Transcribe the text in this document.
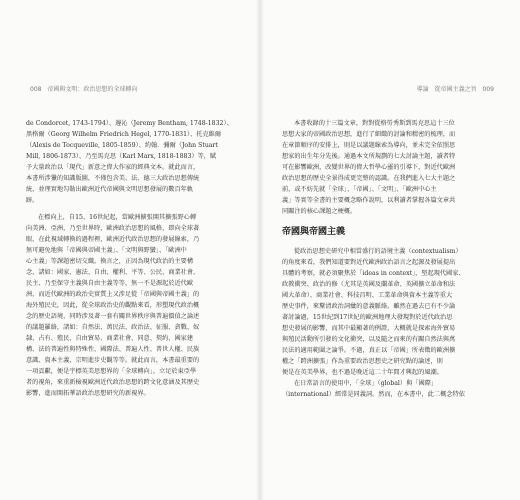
008 帝國與文明：政治思想的全球轉向

de Condorcet, 1743-1794）、邊沁（Jeremy Bentham, 1748-1832）、
黑格爾（Georg Wilhelm Friedrich Hegel, 1770-1831）、托克維爾
（Alexis de Tocqueville, 1805-1859）、約翰．彌爾（John Stuart
Mill, 1806-1873）、乃至馬克思（Karl Marx, 1818-1883）等，賦
予大量政治以「現代」新意之偉大作家的經典文本。就此而言，
本書所涉獵的知識版圖，不僅包含美、法、德三大政治思想傳統
統，並理實地勾勒出歐洲近代帝國與文明思想發展的數百年軌
跡。

在標向上，自15、16世紀起，當歐洲擴張開其擴張野心轉
向美洲、亞洲，乃至世界時，歐洲政治思想的風格，即向全球著
眼，在此視域轉換的過程裡，歐洲近代政治思想的發展線索，乃
無可避免地與「帝國與帝國主義」、「文明與野蠻」、「歐洲中
心主義」等課題密切交織。換言之，正因為現代政治的主要構
念，諸如：國家、憲法、自由、權利、平等、公民、商業社會、
民主、乃至保守主義與自由主義等等，無一不是源起於近代歐
洲，而近代歐洲的政治史實質上又涉足從「帝國與帝國主義」的
海外殖民史，因此，從全球政治史的觀點來看，形塑現代政治概
念的歷史語境，同時涉及著一套有關世界秩序與普遍價值之論述
的議題羅絡，諸如：自然法、萬民法、政治法、征服、貪戰、奴
隸、占有、殖民、自由貿易、商業社會、同意、契約、國家建
構、法的普遍性與特殊性、國際法、普遍人性、普世人權、民族
意識、資本主義，宗明進步史觀等等。就此而言，本書最重要的
一項貢獻，便是宇標英美思想界的「全球轉向」，立足於東亞學
者的視角，來重新檢視歐洲近代政治思想的跨文化意涵及其歷史
影響，進而開拓華語政治思想研究的新視界。

導論　從帝國主義之旨 009

本書收錄的十三篇文章，對對從格勞秀斯到馬克思這十三位
思想大家的帝國政治思想，進行了細緻的討論和精密的梳理，而
在章節順序的安排上，則是以議題線索為導向，並未完全依照思
想家的出生年分先後。通過本文所規劃的七大討論主題，讀者特
可在影響歐洲，改變世界的偉大哲學心靈的引導下，對近代歐洲
政治思想的歷史全景得成更完整的認識。在我們進入七大主題之
前，或不妨先就「全球」、「帝國」、「文明」、「歐洲中心主
義」等實等全書的主要概念略作說明，以利讀者掌握各篇文章共
同關注的核心課題之梗概。

帝國與帝國主義

從政治思想史研究中相當盛行的語境主義（contextualism）
的角度來看，我們知道要對近代歐洲政治語言之起源及發展提出
具體的考察，就必須聚焦於「ideas in context」，堅起現代國家、
政教衝突、政治的修（尤其是英國及蘭革命、英國擴立革命和法
國大革命）、商業社會、科技昌明、工業革命與資本主義等重大
歷史事件，來釐清政治詞彙的意義脈絡。雖然在過去已有不少論
著討論過，15世紀到17世紀的歐洲地理大發現對於近代政治思
想史發展的影響，而其中最顯著的例證，大概就是探索海外貿易
與殖民活動所引發的文化衝突，以及隨之而來的有關自然法與萬
民法的適用範圍之論爭。不過，真正以「帝國」所表徵的歐洲擴
權之「跨洲擴張」作為重要政治思想史之研究點的論述，則
便是在英美學界，也不過是晚近這二十年間才興起的風潮。
在日常語言的使用中，「全球」（global）與「國際」
（international）經常是同義詞。然而，在本書中，此二概念特依
